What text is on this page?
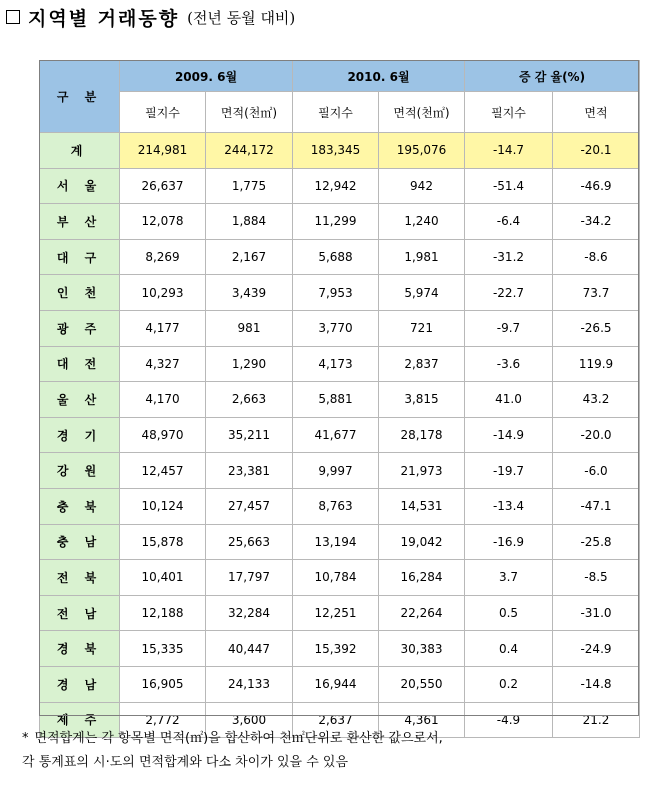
지역별 거래동향 (전년 동월 대비)
구 분	2009. 6월		2010. 6월		증 감 율(%)	
	필지수	면적(천㎡)	필지수	면적(천㎡)	필지수	면적
계	214,981	244,172	183,345	195,076	-14.7	-20.1
서 울	26,637	1,775	12,942	942	-51.4	-46.9
부 산	12,078	1,884	11,299	1,240	-6.4	-34.2
대 구	8,269	2,167	5,688	1,981	-31.2	-8.6
인 천	10,293	3,439	7,953	5,974	-22.7	73.7
광 주	4,177	981	3,770	721	-9.7	-26.5
대 전	4,327	1,290	4,173	2,837	-3.6	119.9
울 산	4,170	2,663	5,881	3,815	41.0	43.2
경 기	48,970	35,211	41,677	28,178	-14.9	-20.0
강 원	12,457	23,381	9,997	21,973	-19.7	-6.0
충 북	10,124	27,457	8,763	14,531	-13.4	-47.1
충 남	15,878	25,663	13,194	19,042	-16.9	-25.8
전 북	10,401	17,797	10,784	16,284	3.7	-8.5
전 남	12,188	32,284	12,251	22,264	0.5	-31.0
경 북	15,335	40,447	15,392	30,383	0.4	-24.9
경 남	16,905	24,133	16,944	20,550	0.2	-14.8
제 주	2,772	3,600	2,637	4,361	-4.9	21.2
* 면적합계는 각 항목별 면적(㎡)을 합산하여 천㎡단위로 환산한 값으로서,
각 통계표의 시·도의 면적합계와 다소 차이가 있을 수 있음
